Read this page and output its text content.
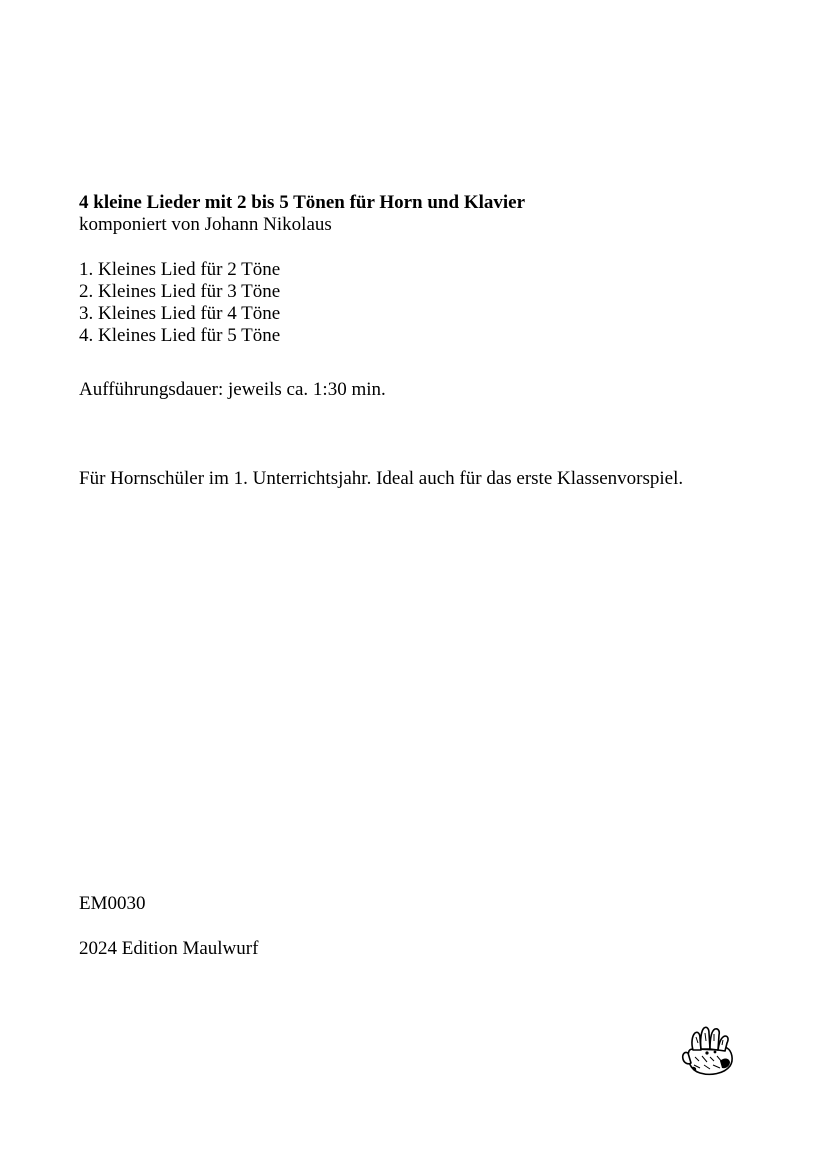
4 kleine Lieder mit 2 bis 5 Tönen für Horn und Klavier
komponiert von Johann Nikolaus
1. Kleines Lied für 2 Töne
2. Kleines Lied für 3 Töne
3. Kleines Lied für 4 Töne
4. Kleines Lied für 5 Töne
Aufführungsdauer: jeweils ca. 1:30 min.
Für Hornschüler im 1. Unterrichtsjahr. Ideal auch für das erste Klassenvorspiel.
EM0030
2024 Edition Maulwurf
